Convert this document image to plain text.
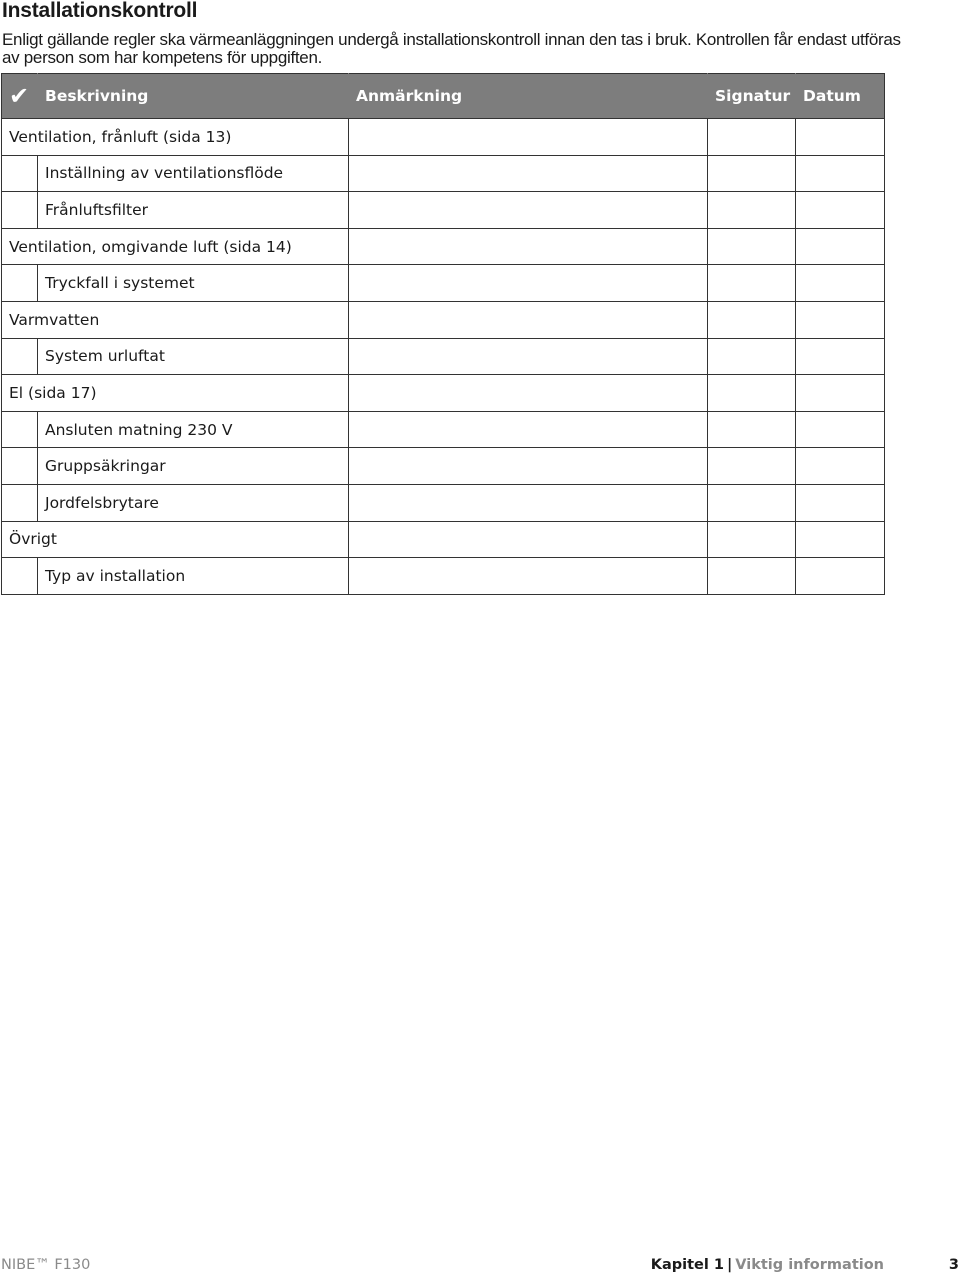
Installationskontroll
Enligt gällande regler ska värmeanläggningen undergå installationskontroll innan den tas i bruk. Kontrollen får endast utföras av person som har kompetens för uppgiften.
✔	Beskrivning	Anmärkning	Signatur	Datum
Ventilation, frånluft (sida 13)				
	Inställning av ventilationsflöde			
	Frånluftsfilter			
Ventilation, omgivande luft (sida 14)				
	Tryckfall i systemet			
Varmvatten				
	System urluftat			
El (sida 17)				
	Ansluten matning 230 V			
	Gruppsäkringar			
	Jordfelsbrytare			
Övrigt				
	Typ av installation			
NIBE™ F130	Kapitel 1 | Viktig information	3
